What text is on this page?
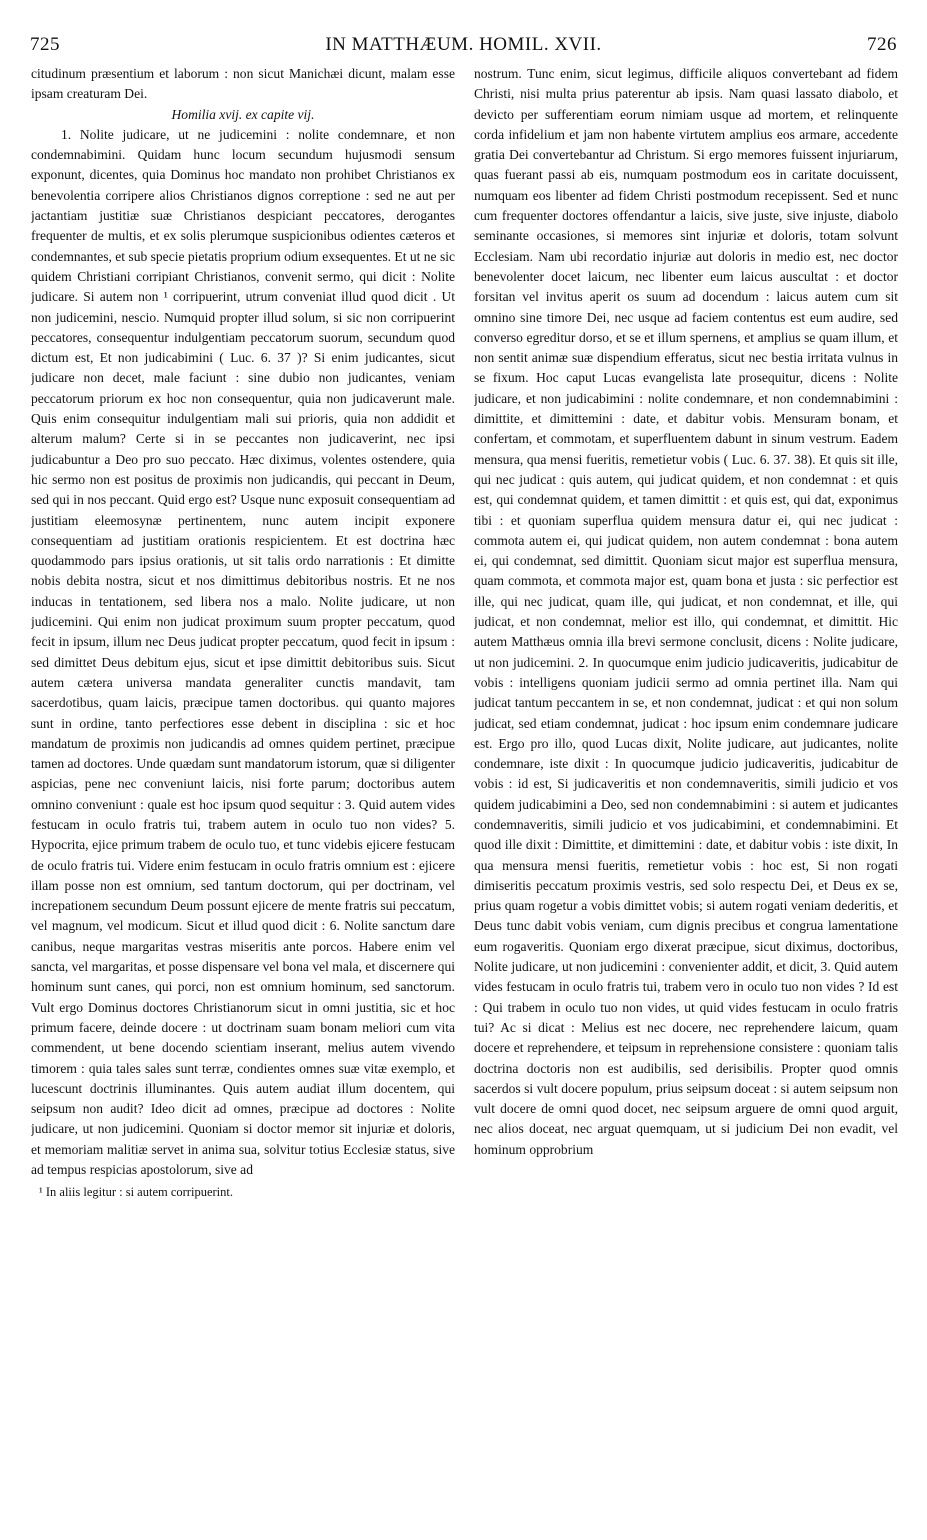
725	IN MATTHÆUM. HOMIL. XVII.	726

citudinum præsentium et laborum : non sicut Manichæi dicunt, malam esse ipsam creaturam Dei.

Homilia xvij. ex capite vij.

1. Nolite judicare, ut ne judicemini : nolite condemnare, et non condemnabimini. Quidam hunc locum secundum hujusmodi sensum exponunt, dicentes, quia Dominus hoc mandato non prohibet Christianos ex benevolentia corripere alios Christianos dignos correptione : sed ne aut per jactantiam justitiæ suæ Christianos despiciant peccatores, derogantes frequenter de multis, et ex solis plerumque suspicionibus odientes cæteros et condemnantes, et sub specie pietatis proprium odium exsequentes. Et ut ne sic quidem Christiani corripiant Christianos, convenit sermo, qui dicit : Nolite judicare. Si autem non ¹ corripuerint, utrum conveniat illud quod dicit . Ut non judicemini, nescio. Numquid propter illud solum, si sic non corripuerint peccatores, consequentur indulgentiam peccatorum suorum, secundum quod dictum est, Et non judicabimini ( Luc. 6. 37 )? Si enim judicantes, sicut judicare non decet, male faciunt : sine dubio non judicantes, veniam peccatorum priorum ex hoc non consequentur, quia non judicaverunt male. Quis enim consequitur indulgentiam mali sui prioris, quia non addidit et alterum malum? Certe si in se peccantes non judicaverint, nec ipsi judicabuntur a Deo pro suo peccato. Hæc diximus, volentes ostendere, quia hic sermo non est positus de proximis non judicandis, qui peccant in Deum, sed qui in nos peccant. Quid ergo est? Usque nunc exposuit consequentiam ad justitiam eleemosynæ pertinentem, nunc autem incipit exponere consequentiam ad justitiam orationis respicientem. Et est doctrina hæc quodammodo pars ipsius orationis, ut sit talis ordo narrationis : Et dimitte nobis debita nostra, sicut et nos dimittimus debitoribus nostris. Et ne nos inducas in tentationem, sed libera nos a malo. Nolite judicare, ut non judicemini. Qui enim non judicat proximum suum propter peccatum, quod fecit in ipsum, illum nec Deus judicat propter peccatum, quod fecit in ipsum : sed dimittet Deus debitum ejus, sicut et ipse dimittit debitoribus suis. Sicut autem cætera universa mandata generaliter cunctis mandavit, tam sacerdotibus, quam laicis, præcipue tamen doctoribus. qui quanto majores sunt in ordine, tanto perfectiores esse debent in disciplina : sic et hoc mandatum de proximis non judicandis ad omnes quidem pertinet, præcipue tamen ad doctores. Unde quædam sunt mandatorum istorum, quæ si diligenter aspicias, pene nec conveniunt laicis, nisi forte parum; doctoribus autem omnino conveniunt : quale est hoc ipsum quod sequitur : 3. Quid autem vides festucam in oculo fratris tui, trabem autem in oculo tuo non vides? 5. Hypocrita, ejice primum trabem de oculo tuo, et tunc videbis ejicere festucam de oculo fratris tui. Videre enim festucam in oculo fratris omnium est : ejicere illam posse non est omnium, sed tantum doctorum, qui per doctrinam, vel increpationem secundum Deum possunt ejicere de mente fratris sui peccatum, vel magnum, vel modicum. Sicut et illud quod dicit : 6. Nolite sanctum dare canibus, neque margaritas vestras miseritis ante porcos. Habere enim vel sancta, vel margaritas, et posse dispensare vel bona vel mala, et discernere qui hominum sunt canes, qui porci, non est omnium hominum, sed sanctorum. Vult ergo Dominus doctores Christianorum sicut in omni justitia, sic et hoc primum facere, deinde docere : ut doctrinam suam bonam meliori cum vita commendent, ut bene docendo scientiam inserant, melius autem vivendo timorem : quia tales sales sunt terræ, condientes omnes suæ vitæ exemplo, et lucescunt doctrinis illuminantes. Quis autem audiat illum docentem, qui seipsum non audit? Ideo dicit ad omnes, præcipue ad doctores : Nolite judicare, ut non judicemini. Quoniam si doctor memor sit injuriæ et doloris, et memoriam malitiæ servet in anima sua, solvitur totius Ecclesiæ status, sive ad tempus respicias apostolorum, sive ad

¹ In aliis legitur : si autem corripuerint.

nostrum. Tunc enim, sicut legimus, difficile aliquos convertebant ad fidem Christi, nisi multa prius paterentur ab ipsis. Nam quasi lassato diabolo, et devicto per sufferentiam eorum nimiam usque ad mortem, et relinquente corda infidelium et jam non habente virtutem amplius eos armare, accedente gratia Dei convertebantur ad Christum. Si ergo memores fuissent injuriarum, quas fuerant passi ab eis, numquam postmodum eos in caritate docuissent, numquam eos libenter ad fidem Christi postmodum recepissent. Sed et nunc cum frequenter doctores offendantur a laicis, sive juste, sive injuste, diabolo seminante occasiones, si memores sint injuriæ et doloris, totam solvunt Ecclesiam. Nam ubi recordatio injuriæ aut doloris in medio est, nec doctor benevolenter docet laicum, nec libenter eum laicus auscultat : et doctor forsitan vel invitus aperit os suum ad docendum : laicus autem cum sit omnino sine timore Dei, nec usque ad faciem contentus est eum audire, sed converso egreditur dorso, et se et illum spernens, et amplius se quam illum, et non sentit animæ suæ dispendium efferatus, sicut nec bestia irritata vulnus in se fixum. Hoc caput Lucas evangelista late prosequitur, dicens : Nolite judicare, et non judicabimini : nolite condemnare, et non condemnabimini : dimittite, et dimittemini : date, et dabitur vobis. Mensuram bonam, et confertam, et commotam, et superfluentem dabunt in sinum vestrum. Eadem mensura, qua mensi fueritis, remetietur vobis ( Luc. 6. 37. 38). Et quis sit ille, qui nec judicat : quis autem, qui judicat quidem, et non condemnat : et quis est, qui condemnat quidem, et tamen dimittit : et quis est, qui dat, exponimus tibi : et quoniam superflua quidem mensura datur ei, qui nec judicat : commota autem ei, qui judicat quidem, non autem condemnat : bona autem ei, qui condemnat, sed dimittit. Quoniam sicut major est superflua mensura, quam commota, et commota major est, quam bona et justa : sic perfectior est ille, qui nec judicat, quam ille, qui judicat, et non condemnat, et ille, qui judicat, et non condemnat, melior est illo, qui condemnat, et dimittit. Hic autem Matthæus omnia illa brevi sermone conclusit, dicens : Nolite judicare, ut non judicemini. 2. In quocumque enim judicio judicaveritis, judicabitur de vobis : intelligens quoniam judicii sermo ad omnia pertinet illa. Nam qui judicat tantum peccantem in se, et non condemnat, judicat : et qui non solum judicat, sed etiam condemnat, judicat : hoc ipsum enim condemnare judicare est. Ergo pro illo, quod Lucas dixit, Nolite judicare, aut judicantes, nolite condemnare, iste dixit : In quocumque judicio judicaveritis, judicabitur de vobis : id est, Si judicaveritis et non condemnaveritis, simili judicio et vos quidem judicabimini a Deo, sed non condemnabimini : si autem et judicantes condemnaveritis, simili judicio et vos judicabimini, et condemnabimini. Et quod ille dixit : Dimittite, et dimittemini : date, et dabitur vobis : iste dixit, In qua mensura mensi fueritis, remetietur vobis : hoc est, Si non rogati dimiseritis peccatum proximis vestris, sed solo respectu Dei, et Deus ex se, prius quam rogetur a vobis dimittet vobis; si autem rogati veniam dederitis, et Deus tunc dabit vobis veniam, cum dignis precibus et congrua lamentatione eum rogaveritis. Quoniam ergo dixerat præcipue, sicut diximus, doctoribus, Nolite judicare, ut non judicemini : convenienter addit, et dicit, 3. Quid autem vides festucam in oculo fratris tui, trabem vero in oculo tuo non vides ? Id est : Qui trabem in oculo tuo non vides, ut quid vides festucam in oculo fratris tui? Ac si dicat : Melius est nec docere, nec reprehendere laicum, quam docere et reprehendere, et teipsum in reprehensione consistere : quoniam talis doctrina doctoris non est audibilis, sed derisibilis. Propter quod omnis sacerdos si vult docere populum, prius seipsum doceat : si autem seipsum non vult docere de omni quod docet, nec seipsum arguere de omni quod arguit, nec alios doceat, nec arguat quemquam, ut si judicium Dei non evadit, vel hominum opprobrium
